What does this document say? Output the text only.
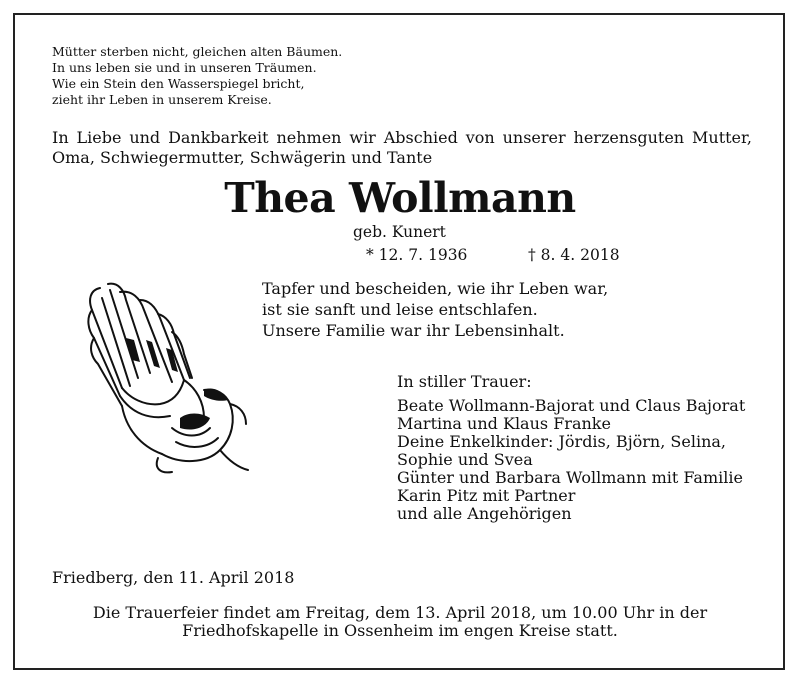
Mütter sterben nicht, gleichen alten Bäumen.
In uns leben sie und in unseren Träumen.
Wie ein Stein den Wasserspiegel bricht,
zieht ihr Leben in unserem Kreise.
In Liebe und Dankbarkeit nehmen wir Abschied von unserer herzensguten Mutter, Oma, Schwiegermutter, Schwägerin und Tante
Thea Wollmann
geb. Kunert
* 12. 7. 1936	† 8. 4. 2018
Tapfer und bescheiden, wie ihr Leben war,
ist sie sanft und leise entschlafen.
Unsere Familie war ihr Lebensinhalt.
In stiller Trauer:
Beate Wollmann-Bajorat und Claus Bajorat
Martina und Klaus Franke
Deine Enkelkinder: Jördis, Björn, Selina,
Sophie und Svea
Günter und Barbara Wollmann mit Familie
Karin Pitz mit Partner
und alle Angehörigen
Friedberg, den 11. April 2018
Die Trauerfeier findet am Freitag, dem 13. April 2018, um 10.00 Uhr in der
Friedhofskapelle in Ossenheim im engen Kreise statt.
